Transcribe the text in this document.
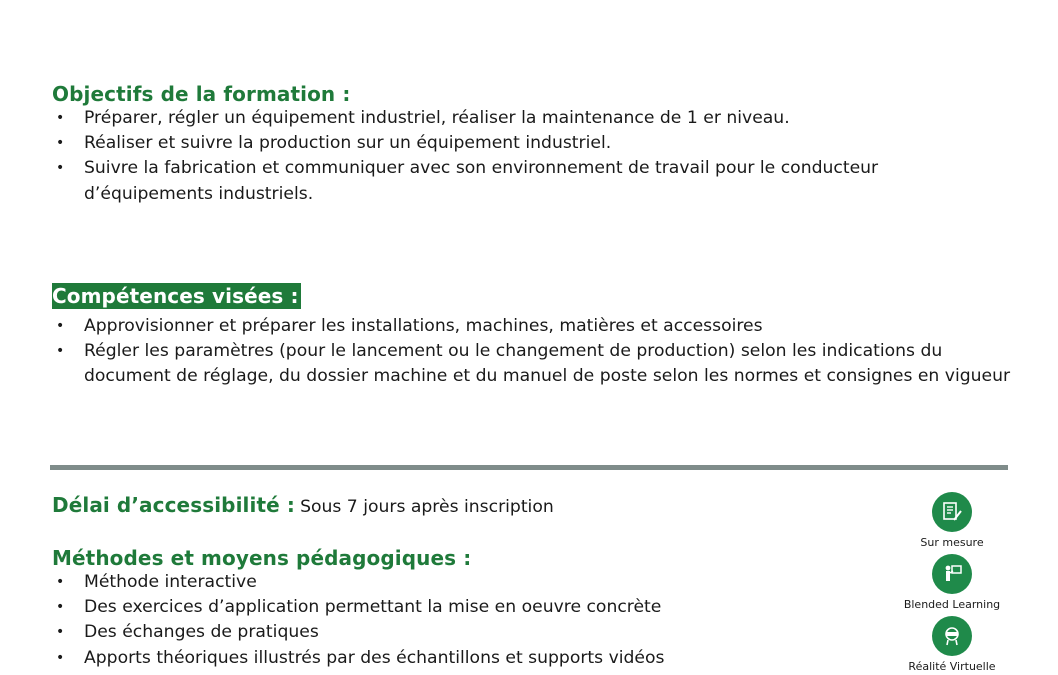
Objectifs de la formation :
• Préparer, régler un équipement industriel, réaliser la maintenance de 1 er niveau.
• Réaliser et suivre la production sur un équipement industriel.
• Suivre la fabrication et communiquer avec son environnement de travail pour le conducteur d’équipements industriels.
Compétences visées :
• Approvisionner et préparer les installations, machines, matières et accessoires
• Régler les paramètres (pour le lancement ou le changement de production) selon les indications du document de réglage, du dossier machine et du manuel de poste selon les normes et consignes en vigueur
Délai d’accessibilité : Sous 7 jours après inscription
Méthodes et moyens pédagogiques :
• Méthode interactive
• Des exercices d’application permettant la mise en oeuvre concrète
• Des échanges de pratiques
• Apports théoriques illustrés par des échantillons et supports vidéos
Sur mesure
Blended Learning
Réalité Virtuelle
